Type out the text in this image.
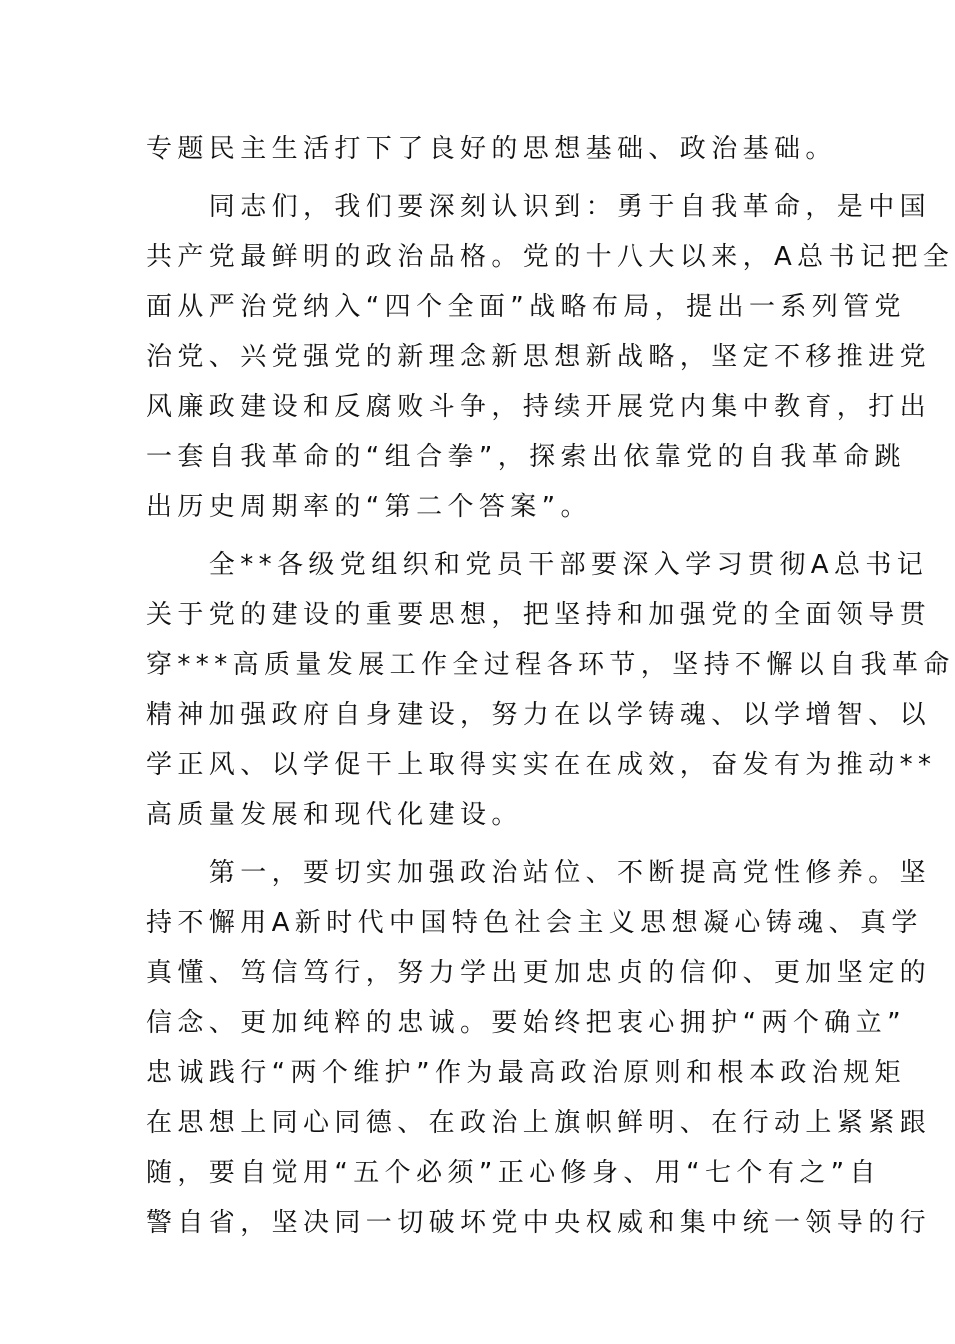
专题民主生活打下了良好的思想基础、政治基础。
　　同志们，我们要深刻认识到：勇于自我革命，是中国
共产党最鲜明的政治品格。党的十八大以来，A总书记把全
面从严治党纳入“四个全面”战略布局，提出一系列管党
治党、兴党强党的新理念新思想新战略，坚定不移推进党
风廉政建设和反腐败斗争，持续开展党内集中教育，打出
一套自我革命的“组合拳”，探索出依靠党的自我革命跳
出历史周期率的“第二个答案”。
　　全**各级党组织和党员干部要深入学习贯彻A总书记
关于党的建设的重要思想，把坚持和加强党的全面领导贯
穿***高质量发展工作全过程各环节，坚持不懈以自我革命
精神加强政府自身建设，努力在以学铸魂、以学增智、以
学正风、以学促干上取得实实在在成效，奋发有为推动**
高质量发展和现代化建设。
　　第一，要切实加强政治站位、不断提高党性修养。坚
持不懈用A新时代中国特色社会主义思想凝心铸魂、真学
真懂、笃信笃行，努力学出更加忠贞的信仰、更加坚定的
信念、更加纯粹的忠诚。要始终把衷心拥护“两个确立”
忠诚践行“两个维护”作为最高政治原则和根本政治规矩
在思想上同心同德、在政治上旗帜鲜明、在行动上紧紧跟
随，要自觉用“五个必须”正心修身、用“七个有之”自
警自省，坚决同一切破坏党中央权威和集中统一领导的行
